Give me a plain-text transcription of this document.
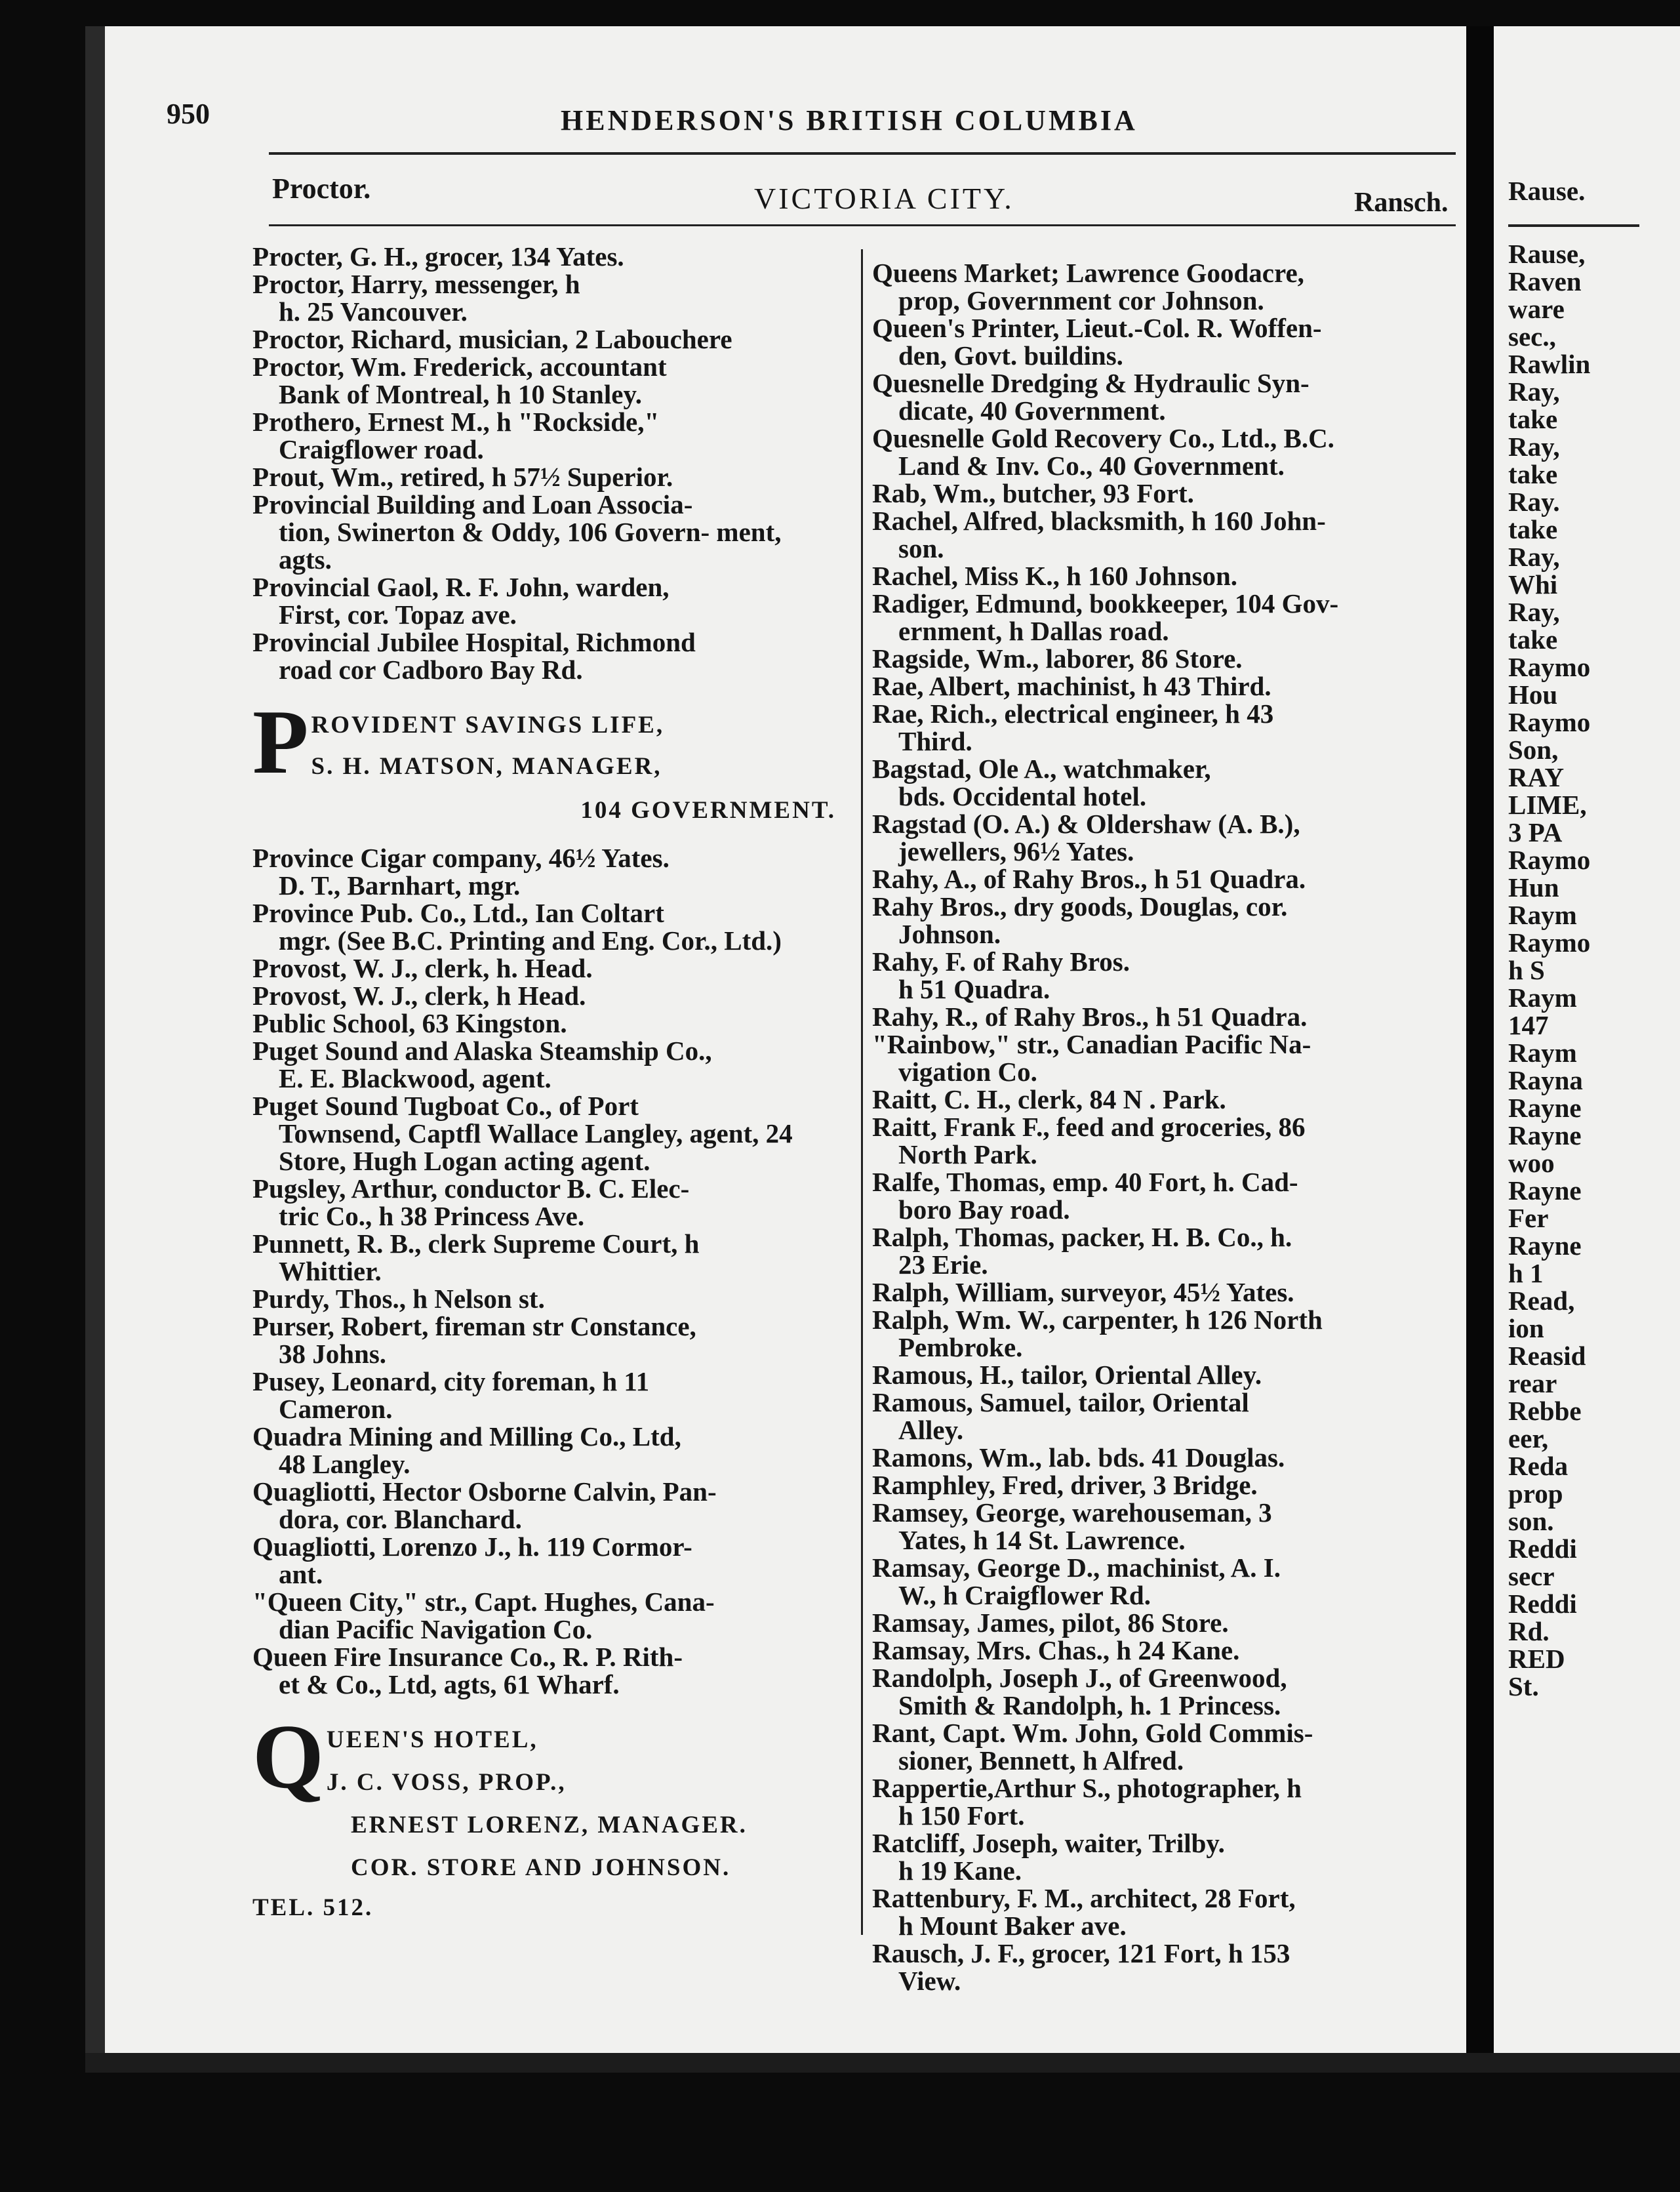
950	HENDERSON'S BRITISH COLUMBIA
Proctor.	VICTORIA CITY.	Ransch.
Procter, G. H., grocer, 134 Yates.
Proctor, Harry, messenger, h
h. 25 Vancouver.
Proctor, Richard, musician, 2 Labouchere
Proctor, Wm. Frederick, accountant
Bank of Montreal, h 10 Stanley.
Prothero, Ernest M., h "Rockside,"
Craigflower road.
Prout, Wm., retired, h 57½ Superior.
Provincial Building and Loan Associa-
tion, Swinerton & Oddy, 106 Govern- ment, agts.
Provincial Gaol, R. F. John, warden,
First, cor. Topaz ave.
Provincial Jubilee Hospital, Richmond
road cor Cadboro Bay Rd.
P ROVIDENT SAVINGS LIFE,
S. H. MATSON, MANAGER,
104 GOVERNMENT.
Province Cigar company, 46½ Yates.
D. T., Barnhart, mgr.
Province Pub. Co., Ltd., Ian Coltart
mgr. (See B.C. Printing and Eng. Cor., Ltd.)
Provost, W. J., clerk, h. Head.
Provost, W. J., clerk, h Head.
Public School, 63 Kingston.
Puget Sound and Alaska Steamship Co.,
E. E. Blackwood, agent.
Puget Sound Tugboat Co., of Port
Townsend, Captfl Wallace Langley, agent, 24 Store, Hugh Logan acting agent.
Pugsley, Arthur, conductor B. C. Elec-
tric Co., h 38 Princess Ave.
Punnett, R. B., clerk Supreme Court, h
Whittier.
Purdy, Thos., h Nelson st.
Purser, Robert, fireman str Constance,
38 Johns.
Pusey, Leonard, city foreman, h 11
Cameron.
Quadra Mining and Milling Co., Ltd,
48 Langley.
Quagliotti, Hector Osborne Calvin, Pan-
dora, cor. Blanchard.
Quagliotti, Lorenzo J., h. 119 Cormor-
ant.
"Queen City," str., Capt. Hughes, Cana-
dian Pacific Navigation Co.
Queen Fire Insurance Co., R. P. Rith-
et & Co., Ltd, agts, 61 Wharf.
Q UEEN'S HOTEL,
J. C. VOSS, PROP.,
ERNEST LORENZ, MANAGER.
COR. STORE AND JOHNSON.
TEL. 512.
Queens Market; Lawrence Goodacre,
prop, Government cor Johnson.
Queen's Printer, Lieut.-Col. R. Woffen-
den, Govt. buildins.
Quesnelle Dredging & Hydraulic Syn-
dicate, 40 Government.
Quesnelle Gold Recovery Co., Ltd., B.C.
Land & Inv. Co., 40 Government.
Rab, Wm., butcher, 93 Fort.
Rachel, Alfred, blacksmith, h 160 John-
son.
Rachel, Miss K., h 160 Johnson.
Radiger, Edmund, bookkeeper, 104 Gov-
ernment, h Dallas road.
Ragside, Wm., laborer, 86 Store.
Rae, Albert, machinist, h 43 Third.
Rae, Rich., electrical engineer, h 43
Third.
Bagstad, Ole A., watchmaker,
bds. Occidental hotel.
Ragstad (O. A.) & Oldershaw (A. B.),
jewellers, 96½ Yates.
Rahy, A., of Rahy Bros., h 51 Quadra.
Rahy Bros., dry goods, Douglas, cor.
Johnson.
Rahy, F. of Rahy Bros.
h 51 Quadra.
Rahy, R., of Rahy Bros., h 51 Quadra.
"Rainbow," str., Canadian Pacific Na-
vigation Co.
Raitt, C. H., clerk, 84 N . Park.
Raitt, Frank F., feed and groceries, 86
North Park.
Ralfe, Thomas, emp. 40 Fort, h. Cad-
boro Bay road.
Ralph, Thomas, packer, H. B. Co., h.
23 Erie.
Ralph, William, surveyor, 45½ Yates.
Ralph, Wm. W., carpenter, h 126 North
Pembroke.
Ramous, H., tailor, Oriental Alley.
Ramous, Samuel, tailor, Oriental
Alley.
Ramons, Wm., lab. bds. 41 Douglas.
Ramphley, Fred, driver, 3 Bridge.
Ramsey, George, warehouseman, 3
Yates, h 14 St. Lawrence.
Ramsay, George D., machinist, A. I.
W., h Craigflower Rd.
Ramsay, James, pilot, 86 Store.
Ramsay, Mrs. Chas., h 24 Kane.
Randolph, Joseph J., of Greenwood,
Smith & Randolph, h. 1 Princess.
Rant, Capt. Wm. John, Gold Commis-
sioner, Bennett, h Alfred.
Rappertie,Arthur S., photographer, h
h 150 Fort.
Ratcliff, Joseph, waiter, Trilby.
h 19 Kane.
Rattenbury, F. M., architect, 28 Fort,
h Mount Baker ave.
Rausch, J. F., grocer, 121 Fort, h 153
View.
Rause.
Rause,
Raven
ware
sec.,
Rawlin
Ray,
take
Ray,
take
Ray.
take
Ray,
Whi
Ray,
take
Raymo
Hou
Raymo
Son,
RAY
LIME,
3 PA
Raymo
Hun
Raym
Raymo
h S
Raym
147
Raym
Rayna
Rayne
Rayne
woo
Rayne
Fer
Rayne
h 1
Read,
ion
Reasid
rear
Rebbe
eer,
Reda
prop
son.
Reddi
secr
Reddi
Rd.
RED
St.
